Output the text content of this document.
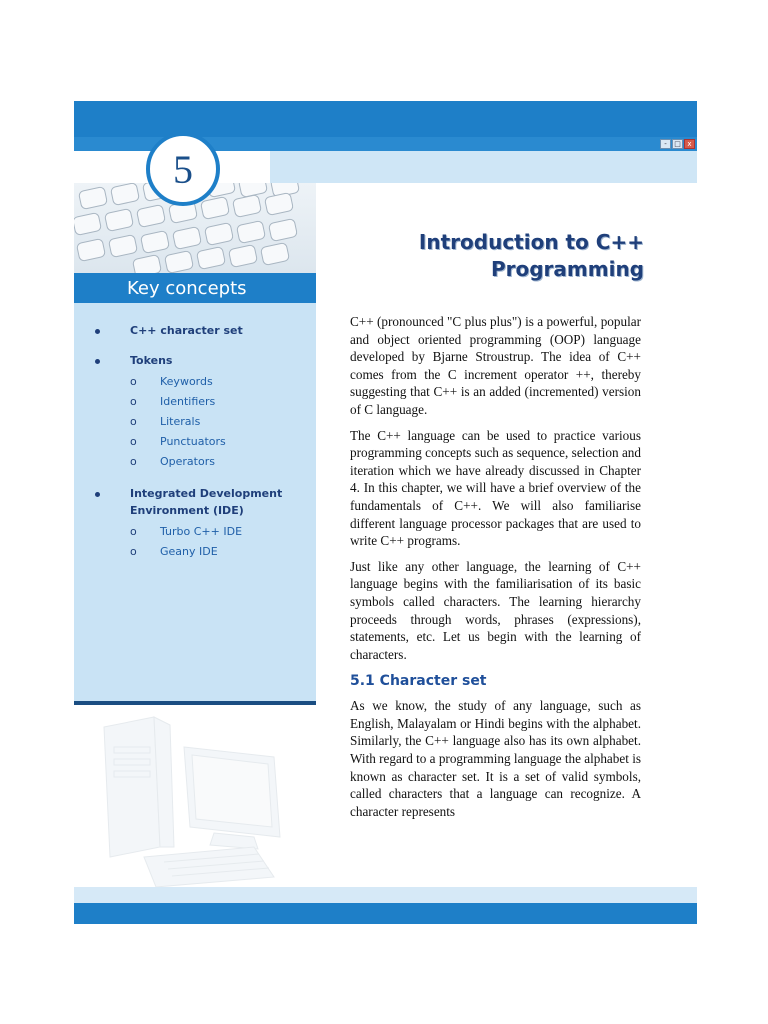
-	□ x
5
Key concepts
C++ character set
Tokens
o Keywords
o Identifiers
o Literals
o Punctuators
o Operators
Integrated Development Environment (IDE)
o Turbo C++ IDE
o Geany IDE
Introduction to C++
Programming

C++ (pronounced "C plus plus") is a powerful, popular and object oriented programming (OOP) language developed by Bjarne Stroustrup. The idea of C++ comes from the C increment operator ++, thereby suggesting that C++ is an added (incremented) version of C language.

The C++ language can be used to practice various programming concepts such as sequence, selection and iteration which we have already discussed in Chapter 4. In this chapter, we will have a brief overview of the fundamentals of C++. We will also familiarise different language processor packages that are used to write C++ programs.

Just like any other language, the learning of C++ language begins with the familiarisation of its basic symbols called characters. The learning hierarchy proceeds through words, phrases (expressions), statements, etc. Let us begin with the learning of characters.

5.1 Character set

As we know, the study of any language, such as English, Malayalam or Hindi begins with the alphabet. Similarly, the C++ language also has its own alphabet. With regard to a programming language the alphabet is known as character set. It is a set of valid symbols, called characters that a language can recognize. A character represents
